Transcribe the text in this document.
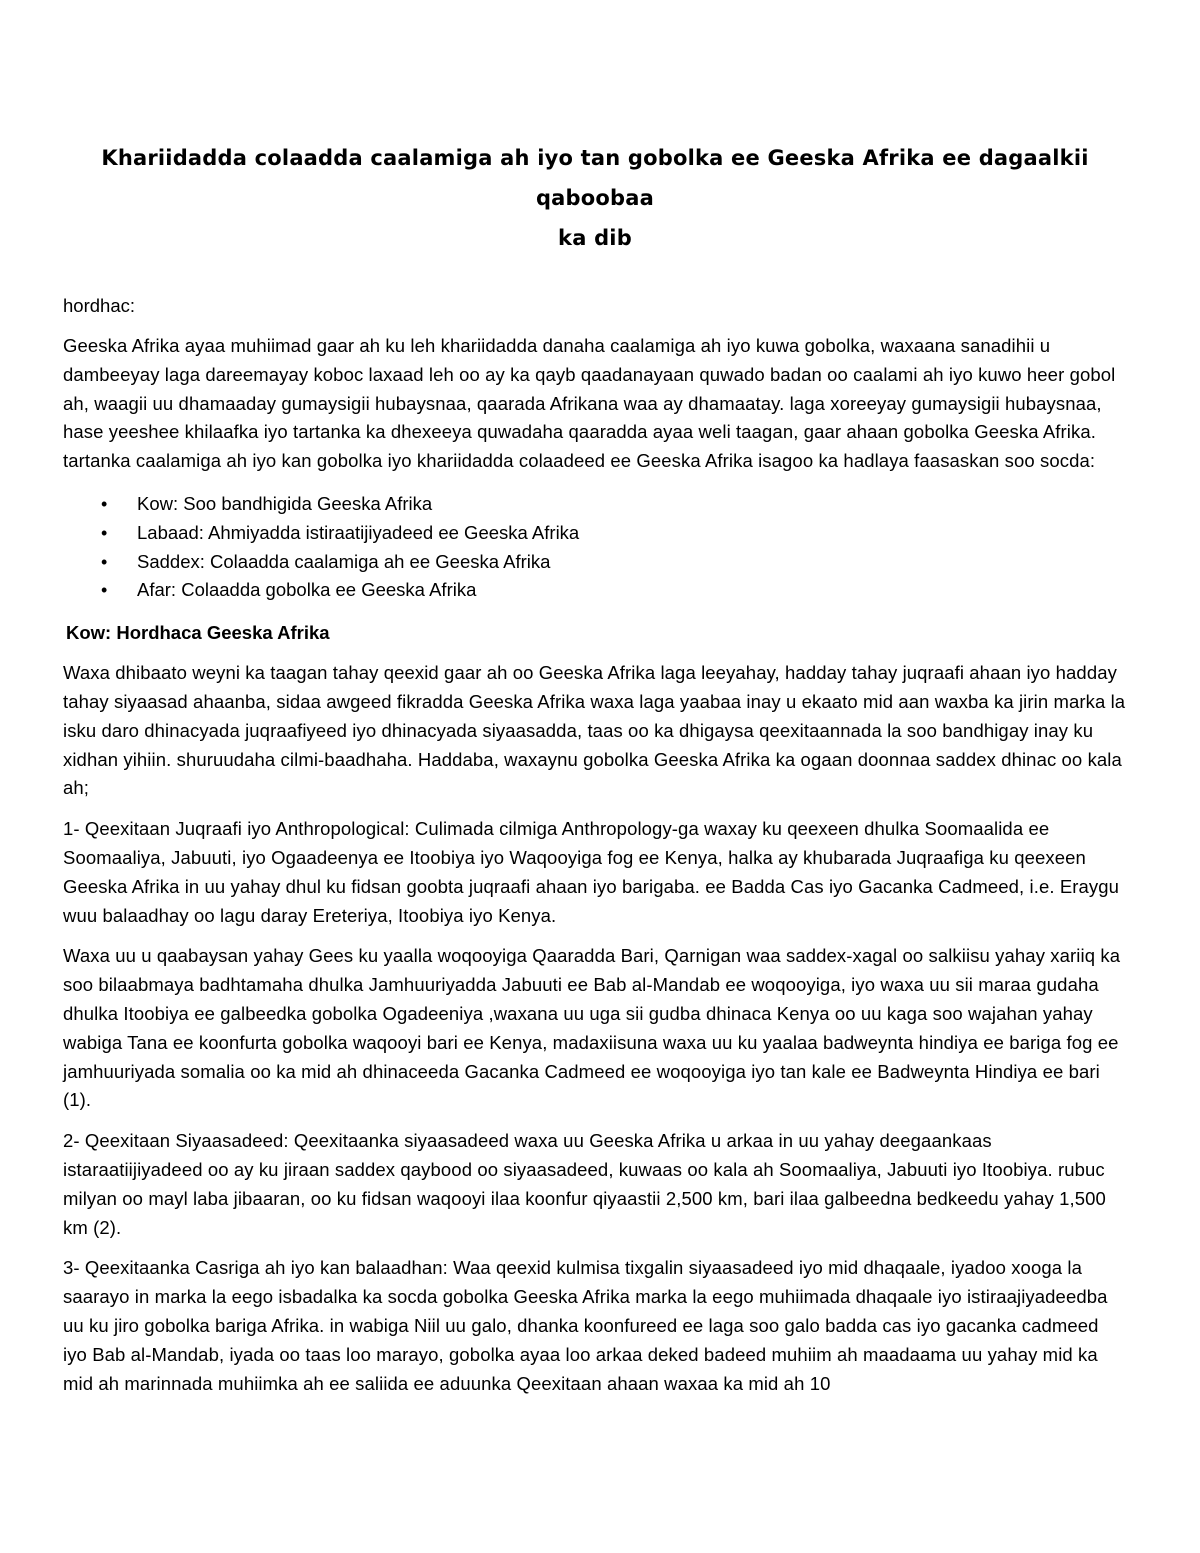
Khariidadda colaadda caalamiga ah iyo tan gobolka ee Geeska Afrika ee dagaalkii qaboobaa
ka dib
hordhac:

Geeska Afrika ayaa muhiimad gaar ah ku leh khariidadda danaha caalamiga ah iyo kuwa gobolka, waxaana sanadihii u dambeeyay laga dareemayay koboc laxaad leh oo ay ka qayb qaadanayaan quwado badan oo caalami ah iyo kuwo heer gobol ah, waagii uu dhamaaday gumaysigii hubaysnaa, qaarada Afrikana waa ay dhamaatay. laga xoreeyay gumaysigii hubaysnaa, hase yeeshee khilaafka iyo tartanka ka dhexeeya quwadaha qaaradda ayaa weli taagan, gaar ahaan gobolka Geeska Afrika. tartanka caalamiga ah iyo kan gobolka iyo khariidadda colaadeed ee Geeska Afrika isagoo ka hadlaya faasaskan soo socda:

• Kow: Soo bandhigida Geeska Afrika
• Labaad: Ahmiyadda istiraatijiyadeed ee Geeska Afrika
• Saddex: Colaadda caalamiga ah ee Geeska Afrika
• Afar: Colaadda gobolka ee Geeska Afrika
Kow: Hordhaca Geeska Afrika

Waxa dhibaato weyni ka taagan tahay qeexid gaar ah oo Geeska Afrika laga leeyahay, hadday tahay juqraafi ahaan iyo hadday tahay siyaasad ahaanba, sidaa awgeed fikradda Geeska Afrika waxa laga yaabaa inay u ekaato mid aan waxba ka jirin marka la isku daro dhinacyada juqraafiyeed iyo dhinacyada siyaasadda, taas oo ka dhigaysa qeexitaannada la soo bandhigay inay ku xidhan yihiin. shuruudaha cilmi-baadhaha. Haddaba, waxaynu gobolka Geeska Afrika ka ogaan doonnaa saddex dhinac oo kala ah;

1- Qeexitaan Juqraafi iyo Anthropological: Culimada cilmiga Anthropology-ga waxay ku qeexeen dhulka Soomaalida ee Soomaaliya, Jabuuti, iyo Ogaadeenya ee Itoobiya iyo Waqooyiga fog ee Kenya, halka ay khubarada Juqraafiga ku qeexeen Geeska Afrika in uu yahay dhul ku fidsan goobta juqraafi ahaan iyo barigaba. ee Badda Cas iyo Gacanka Cadmeed, i.e. Eraygu wuu balaadhay oo lagu daray Ereteriya, Itoobiya iyo Kenya.

Waxa uu u qaabaysan yahay Gees ku yaalla woqooyiga Qaaradda Bari, Qarnigan waa saddex-xagal oo salkiisu yahay xariiq ka soo bilaabmaya badhtamaha dhulka Jamhuuriyadda Jabuuti ee Bab al-Mandab ee woqooyiga, iyo waxa uu sii maraa gudaha dhulka Itoobiya ee galbeedka gobolka Ogadeeniya ,waxana uu uga sii gudba dhinaca Kenya oo uu kaga soo wajahan yahay wabiga Tana ee koonfurta gobolka waqooyi bari ee Kenya, madaxiisuna waxa uu ku yaalaa badweynta hindiya ee bariga fog ee jamhuuriyada somalia oo ka mid ah dhinaceeda Gacanka Cadmeed ee woqooyiga iyo tan kale ee Badweynta Hindiya ee bari (1).

2- Qeexitaan Siyaasadeed: Qeexitaanka siyaasadeed waxa uu Geeska Afrika u arkaa in uu yahay deegaankaas istaraatiijiyadeed oo ay ku jiraan saddex qaybood oo siyaasadeed, kuwaas oo kala ah Soomaaliya, Jabuuti iyo Itoobiya. rubuc milyan oo mayl laba jibaaran, oo ku fidsan waqooyi ilaa koonfur qiyaastii 2,500 km, bari ilaa galbeedna bedkeedu yahay 1,500 km (2).

3- Qeexitaanka Casriga ah iyo kan balaadhan: Waa qeexid kulmisa tixgalin siyaasadeed iyo mid dhaqaale, iyadoo xooga la saarayo in marka la eego isbadalka ka socda gobolka Geeska Afrika marka la eego muhiimada dhaqaale iyo istiraajiyadeedba uu ku jiro gobolka bariga Afrika. in wabiga Niil uu galo, dhanka koonfureed ee laga soo galo badda cas iyo gacanka cadmeed iyo Bab al-Mandab, iyada oo taas loo marayo, gobolka ayaa loo arkaa deked badeed muhiim ah maadaama uu yahay mid ka mid ah marinnada muhiimka ah ee saliida ee aduunka Qeexitaan ahaan waxaa ka mid ah 10
